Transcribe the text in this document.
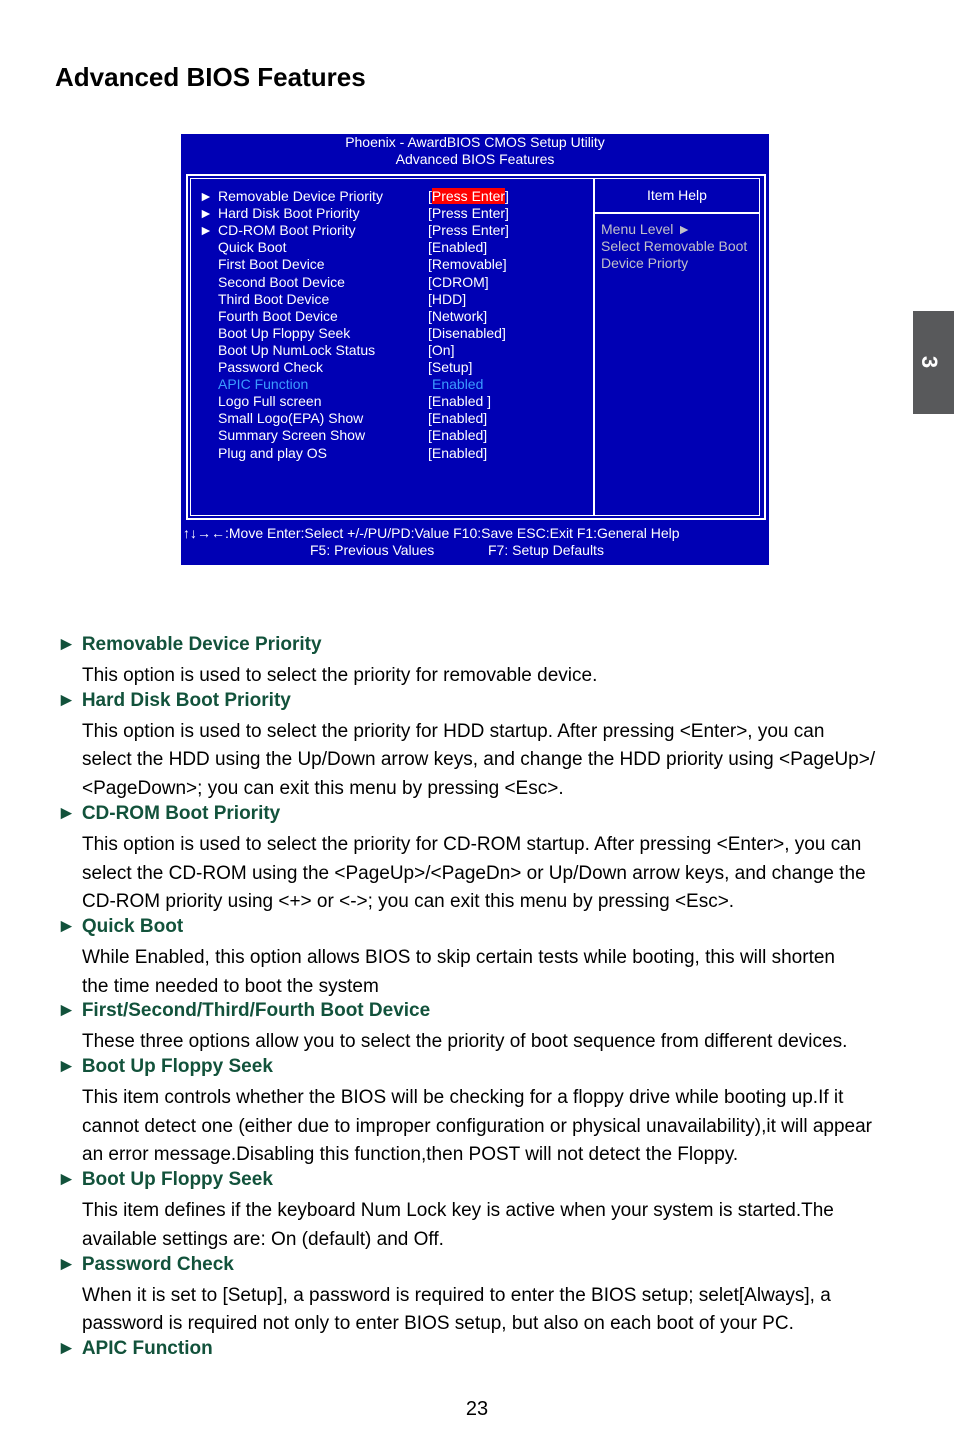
Advanced BIOS Features
3
Phoenix - AwardBIOS CMOS Setup Utility
Advanced BIOS Features
Item Help
Menu Level ►
Select Removable Boot
Device Priorty
► Removable Device Priority	[Press Enter]
► Hard Disk Boot Priority	[Press Enter]
► CD-ROM Boot Priority	[Press Enter]
Quick Boot	[Enabled]
First Boot Device	[Removable]
Second Boot Device	[CDROM]
Third Boot Device	[HDD]
Fourth Boot Device	[Network]
Boot Up Floppy Seek	[Disenabled]
Boot Up NumLock Status	[On]
Password Check	[Setup]
APIC Function	Enabled
Logo Full screen	[Enabled ]
Small Logo(EPA) Show	[Enabled]
Summary Screen Show	[Enabled]
Plug and play OS	[Enabled]
↑↓→←:Move Enter:Select +/-/PU/PD:Value F10:Save ESC:Exit F1:General Help
F5: Previous Values	F7: Setup Defaults
► Removable Device Priority
This option is used to select the priority for removable device.
► Hard Disk Boot Priority
This option is used to select the priority for HDD startup. After pressing <Enter>, you can
select the HDD using the Up/Down arrow keys, and change the HDD priority using <PageUp>/
<PageDown>; you can exit this menu by pressing <Esc>.
► CD-ROM Boot Priority
This option is used to select the priority for CD-ROM startup. After pressing <Enter>, you can
select the CD-ROM using the <PageUp>/<PageDn> or Up/Down arrow keys, and change the
CD-ROM priority using <+> or <->; you can exit this menu by pressing <Esc>.
► Quick Boot
While Enabled, this option allows BIOS to skip certain tests while booting, this will shorten
the time needed to boot the system
► First/Second/Third/Fourth Boot Device
These three options allow you to select the priority of boot sequence from different devices.
► Boot Up Floppy Seek
This item controls whether the BIOS will be checking for a floppy drive while booting up.If it
cannot detect one (either due to improper configuration or physical unavailability),it will appear
an error message.Disabling this function,then POST will not detect the Floppy.
► Boot Up Floppy Seek
This item defines if the keyboard Num Lock key is active when your system is started.The
available settings are: On (default) and Off.
► Password Check
When it is set to [Setup], a password is required to enter the BIOS setup; selet[Always], a
password is required not only to enter BIOS setup, but also on each boot of your PC.
► APIC Function
23
